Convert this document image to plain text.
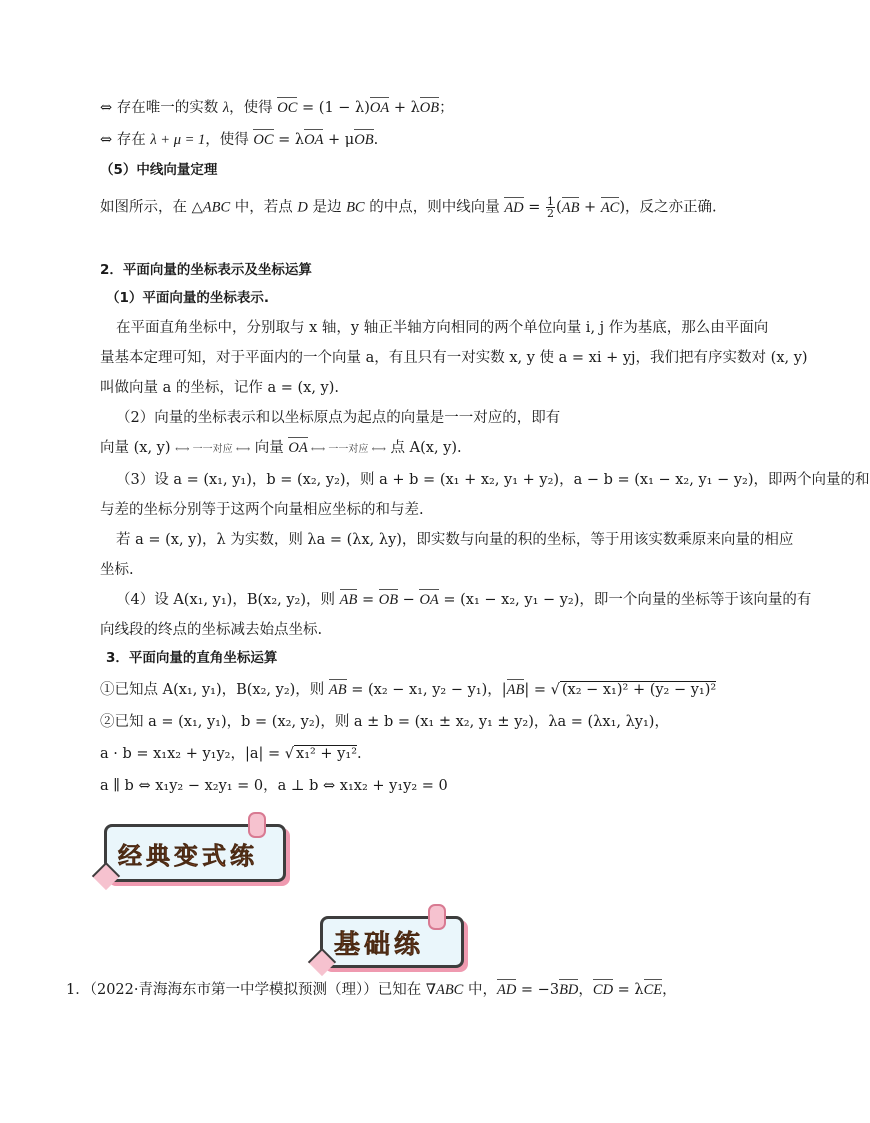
⇔ 存在唯一的实数 λ，使得 OC = (1 − λ)OA + λOB；
⇔ 存在 λ + μ = 1，使得 OC = λOA + μOB.
（5）中线向量定理
如图所示，在 △ABC 中，若点 D 是边 BC 的中点，则中线向量 AD = $\frac{1}{2} (AB + AC)$，反之亦正确.
2．平面向量的坐标表示及坐标运算
（1）平面向量的坐标表示.
在平面直角坐标中，分别取与 x 轴，y 轴正半轴方向相同的两个单位向量 i, j 作为基底，那么由平面向
量基本定理可知，对于平面内的一个向量 a，有且只有一对实数 x, y 使 a = xi + yj，我们把有序实数对 (x, y)
叫做向量 a 的坐标，记作 a = (x, y).
（2）向量的坐标表示和以坐标原点为起点的向量是一一对应的，即有
向量 (x, y) ⟷ 一一对应 ⟷ 向量 OA ⟷ 一一对应 ⟷ 点 A(x, y).
（3）设 a = (x₁, y₁)，b = (x₂, y₂)，则 a + b = (x₁ + x₂, y₁ + y₂)，a − b = (x₁ − x₂, y₁ − y₂)，即两个向量的和
与差的坐标分别等于这两个向量相应坐标的和与差.
若 a = (x, y)，λ 为实数，则 λa = (λx, λy)，即实数与向量的积的坐标，等于用该实数乘原来向量的相应
坐标.
（4）设 A(x₁, y₁)，B(x₂, y₂)，则 AB = OB − OA = (x₁ − x₂, y₁ − y₂)，即一个向量的坐标等于该向量的有
向线段的终点的坐标减去始点坐标.
3．平面向量的直角坐标运算
①已知点 A(x₁, y₁)，B(x₂, y₂)，则 AB = (x₂ − x₁, y₂ − y₁)，|AB| = √ (x₂ − x₁)² + (y₂ − y₁)²
②已知 a = (x₁, y₁)，b = (x₂, y₂)，则 a ± b = (x₁ ± x₂, y₁ ± y₂)，λa = (λx₁, λy₁)，
a · b = x₁x₂ + y₁y₂，|a| = √ x₁² + y₁².
a ∥ b ⇔ x₁y₂ − x₂y₁ = 0，a ⊥ b ⇔ x₁x₂ + y₁y₂ = 0
经典变式练
基础练
1．（2022·青海海东市第一中学模拟预测（理））已知在 ∇ABC 中，AD = −3BD，CD = λCE，
